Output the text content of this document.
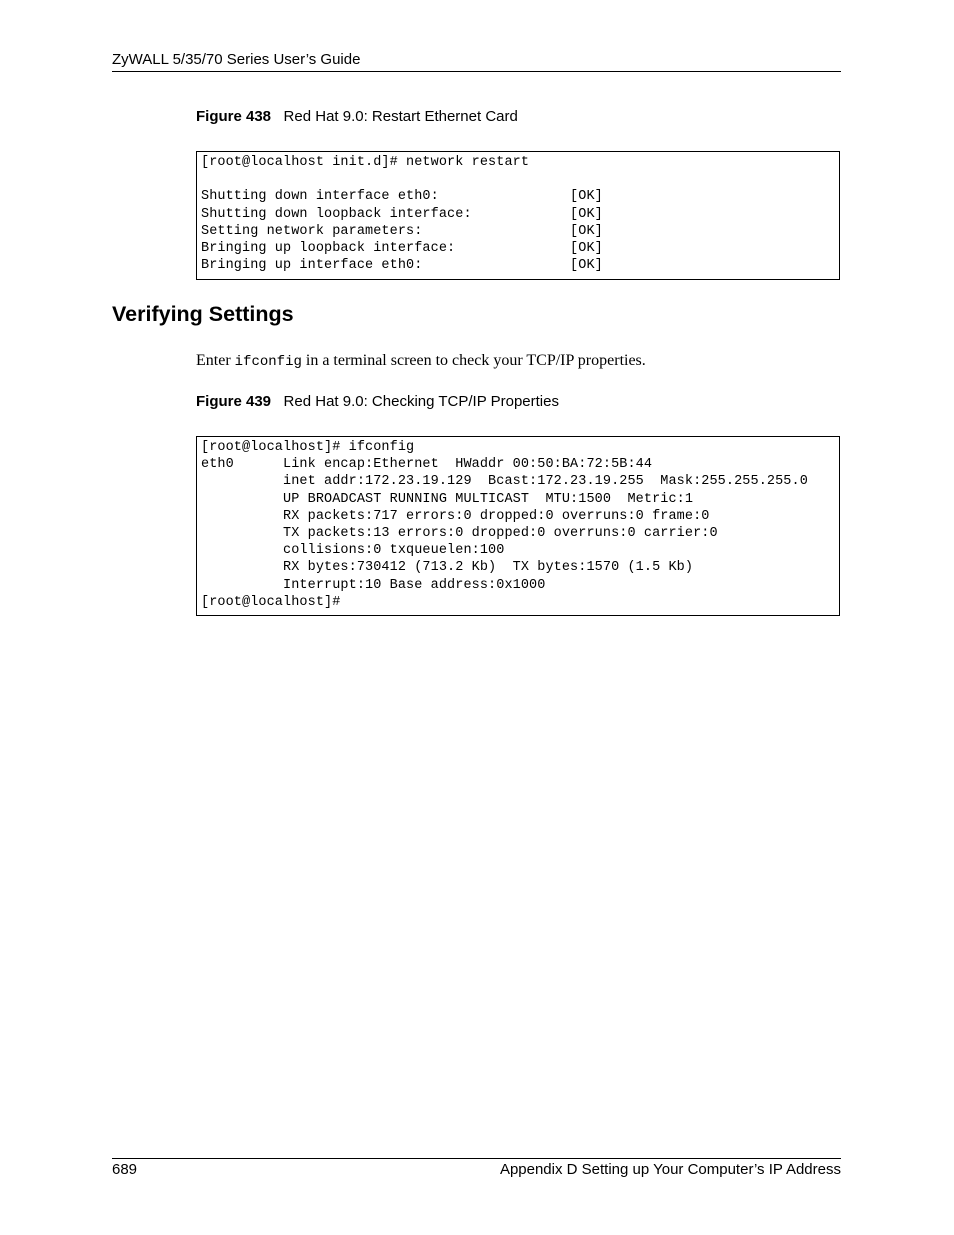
ZyWALL 5/35/70 Series User’s Guide
Figure 438 Red Hat 9.0: Restart Ethernet Card
[root@localhost init.d]# network restart
Shutting down interface eth0:                [OK]
Shutting down loopback interface:            [OK]
Setting network parameters:                  [OK]
Bringing up loopback interface:              [OK]
Bringing up interface eth0:                  [OK]
Verifying Settings
Enter ifconfig in a terminal screen to check your TCP/IP properties.
Figure 439 Red Hat 9.0: Checking TCP/IP Properties
[root@localhost]# ifconfig
eth0      Link encap:Ethernet  HWaddr 00:50:BA:72:5B:44
inet addr:172.23.19.129  Bcast:172.23.19.255  Mask:255.255.255.0
UP BROADCAST RUNNING MULTICAST  MTU:1500  Metric:1
RX packets:717 errors:0 dropped:0 overruns:0 frame:0
TX packets:13 errors:0 dropped:0 overruns:0 carrier:0
collisions:0 txqueuelen:100
RX bytes:730412 (713.2 Kb)  TX bytes:1570 (1.5 Kb)
Interrupt:10 Base address:0x1000
[root@localhost]#
689	Appendix D Setting up Your Computer’s IP Address
